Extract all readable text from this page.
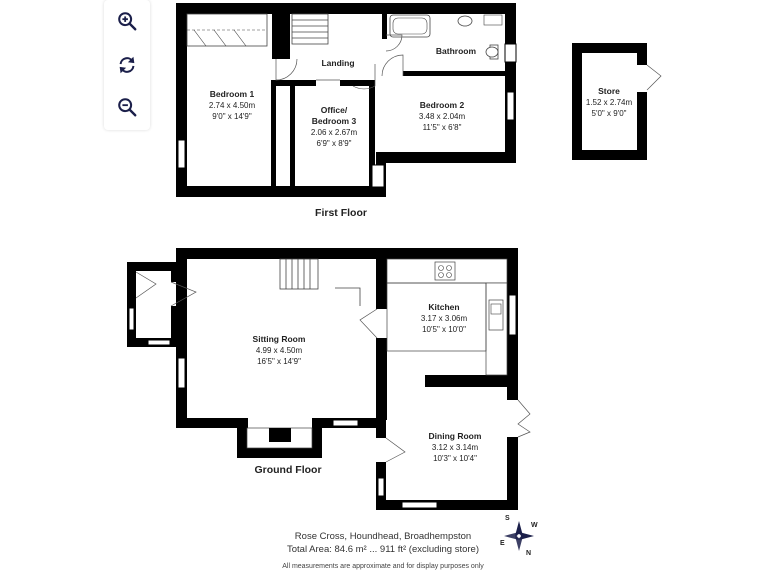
Bedroom 1
2.74 x 4.50m
9'0" x 14'9"
Landing
Bathroom
Office/
Bedroom 3
2.06 x 2.67m
6'9" x 8'9"
Bedroom 2
3.48 x 2.04m
11'5" x 6'8"
First Floor
Store
1.52 x 2.74m
5'0" x 9'0"
Sitting Room
4.99 x 4.50m
16'5" x 14'9"
Kitchen
3.17 x 3.06m
10'5" x 10'0"
Dining Room
3.12 x 3.14m
10'3" x 10'4"
Ground Floor
Rose Cross, Houndhead, Broadhempston
Total Area: 84.6 m² ... 911 ft² (excluding store)
All measurements are approximate and for display purposes only
S
W
E
N
